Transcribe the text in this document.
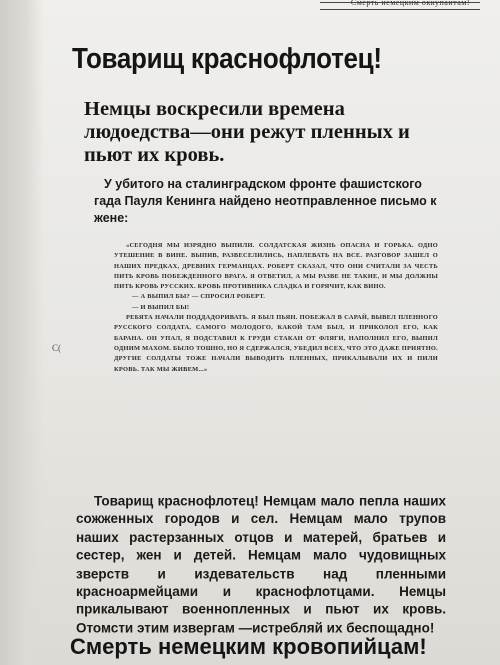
Смерть немецким оккупантам!
Товарищ краснофлотец!
Немцы воскресили времена людоедства—они режут пленных и пьют их кровь.
У убитого на сталинградском фронте фашистского гада Пауля Кенинга найдено неотправленное письмо к жене:

«СЕГОДНЯ МЫ ИЗРЯДНО ВЫПИЛИ. СОЛДАТСКАЯ ЖИЗНЬ ОПАСНА И ГОРЬКА. ОДНО УТЕШЕНИЕ В ВИНЕ. ВЫПИВ, РАЗВЕСЕЛИЛИСЬ, НАПЛЕВАТЬ НА ВСЕ. РАЗГОВОР ЗАШЕЛ О НАШИХ ПРЕДКАХ, ДРЕВНИХ ГЕРМАНЦАХ. РОБЕРТ СКАЗАЛ, ЧТО ОНИ СЧИТАЛИ ЗА ЧЕСТЬ ПИТЬ КРОВЬ ПОБЕЖДЕННОГО ВРАГА. Я ОТВЕТИЛ, А МЫ РАЗВЕ НЕ ТАКИЕ, И МЫ ДОЛЖНЫ ПИТЬ КРОВЬ РУССКИХ. КРОВЬ ПРОТИВНИКА СЛАДКА И ГОРЯЧИТ, КАК ВИНО.

— А ВЫПИЛ БЫ? — СПРОСИЛ РОБЕРТ.

— И ВЫПИЛ БЫ!

РЕБЯТА НАЧАЛИ ПОДДАДОРИВАТЬ. Я БЫЛ ПЬЯН. ПОБЕЖАЛ В САРАЙ, ВЫВЕЛ ПЛЕННОГО РУССКОГО СОЛДАТА, САМОГО МОЛОДОГО, КАКОЙ ТАМ БЫЛ, И ПРИКОЛОЛ ЕГО, КАК БАРАНА. ОН УПАЛ, Я ПОДСТАВИЛ К ГРУДИ СТАКАН ОТ ФЛЯГИ, НАПОЛНИЛ ЕГО, ВЫПИЛ ОДНИМ МАХОМ. БЫЛО ТОШНО, НО Я СДЕРЖАЛСЯ, УБЕДИЛ ВСЕХ, ЧТО ЭТО ДАЖЕ ПРИЯТНО. ДРУГИЕ СОЛДАТЫ ТОЖЕ НАЧАЛИ ВЫВОДИТЬ ПЛЕННЫХ, ПРИКАЛЫВАЛИ ИХ И ПИЛИ КРОВЬ. ТАК МЫ ЖИВЕМ...»

Товарищ краснофлотец! Немцам мало пепла наших сожженных городов и сел. Немцам мало трупов наших растерзанных отцов и матерей, братьев и сестер, жен и детей. Немцам мало чудовищных зверств и издевательств над пленными красноармейцами и краснофлотцами. Немцы прикалывают военнопленных и пьют их кровь. Отомсти этим извергам —истребляй их беспощадно!
Смерть немецким кровопийцам!
С(
